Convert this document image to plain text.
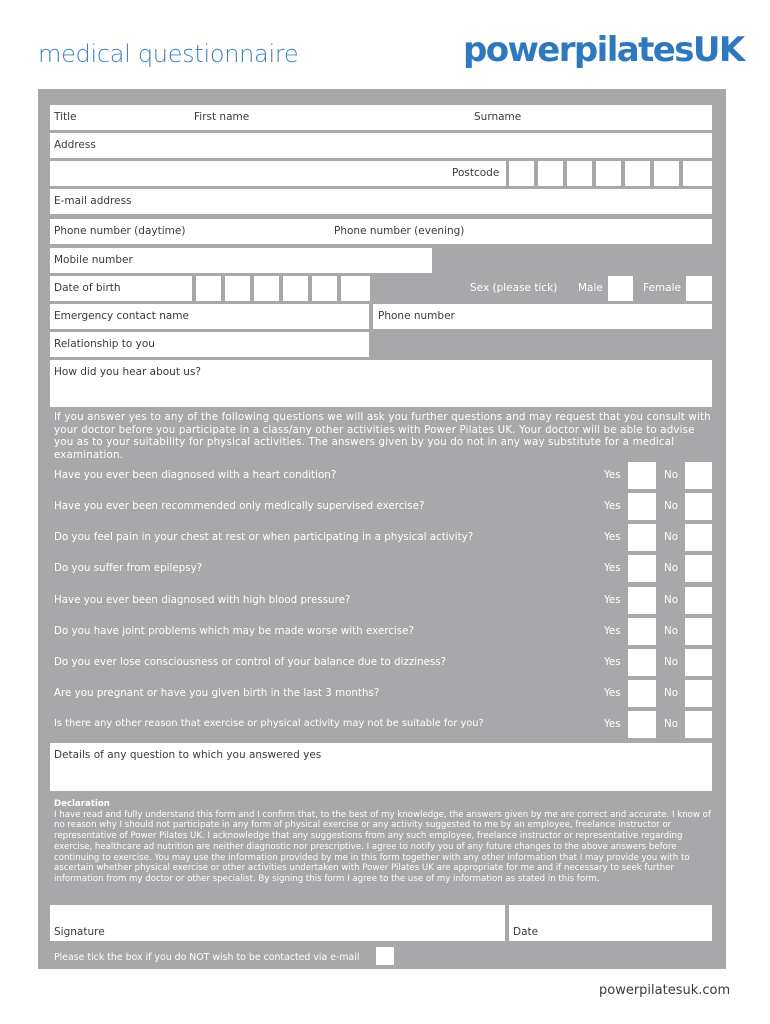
medical questionnaire	powerpilatesUK
Title	First name	Surname
Address
Postcode
E-mail address
Phone number (daytime)	Phone number (evening)
Mobile number
Date of birth	Sex (please tick) Male	Female
Emergency contact name	Phone number
Relationship to you
How did you hear about us?
If you answer yes to any of the following questions we will ask you further questions and may request that you consult with your doctor before you participate in a class/any other activities with Power Pilates UK. Your doctor will be able to advise you as to your suitability for physical activities. The answers given by you do not in any way substitute for a medical examination.
Have you ever been diagnosed with a heart condition?	Yes	No
Have you ever been recommended only medically supervised exercise?	Yes	No
Do you feel pain in your chest at rest or when participating in a physical activity?	Yes	No
Do you suffer from epilepsy?	Yes	No
Have you ever been diagnosed with high blood pressure?	Yes	No
Do you have joint problems which may be made worse with exercise?	Yes	No
Do you ever lose consciousness or control of your balance due to dizziness?	Yes	No
Are you pregnant or have you given birth in the last 3 months?	Yes	No
Is there any other reason that exercise or physical activity may not be suitable for you?	Yes	No
Details of any question to which you answered yes
Declaration
I have read and fully understand this form and I confirm that, to the best of my knowledge, the answers given by me are correct and accurate. I know of no reason why I should not participate in any form of physical exercise or any activity suggested to me by an employee, freelance instructor or representative of Power Pilates UK. I acknowledge that any suggestions from any such employee, freelance instructor or representative regarding exercise, healthcare ad nutrition are neither diagnostic nor prescriptive. I agree to notify you of any future changes to the above answers before continuing to exercise. You may use the information provided by me in this form together with any other information that I may provide you with to ascertain whether physical exercise or other activities undertaken with Power Pilates UK are appropriate for me and if necessary to seek further information from my doctor or other specialist. By signing this form I agree to the use of my information as stated in this form.
Signature	Date
Please tick the box if you do NOT wish to be contacted via e-mail
powerpilatesuk.com
